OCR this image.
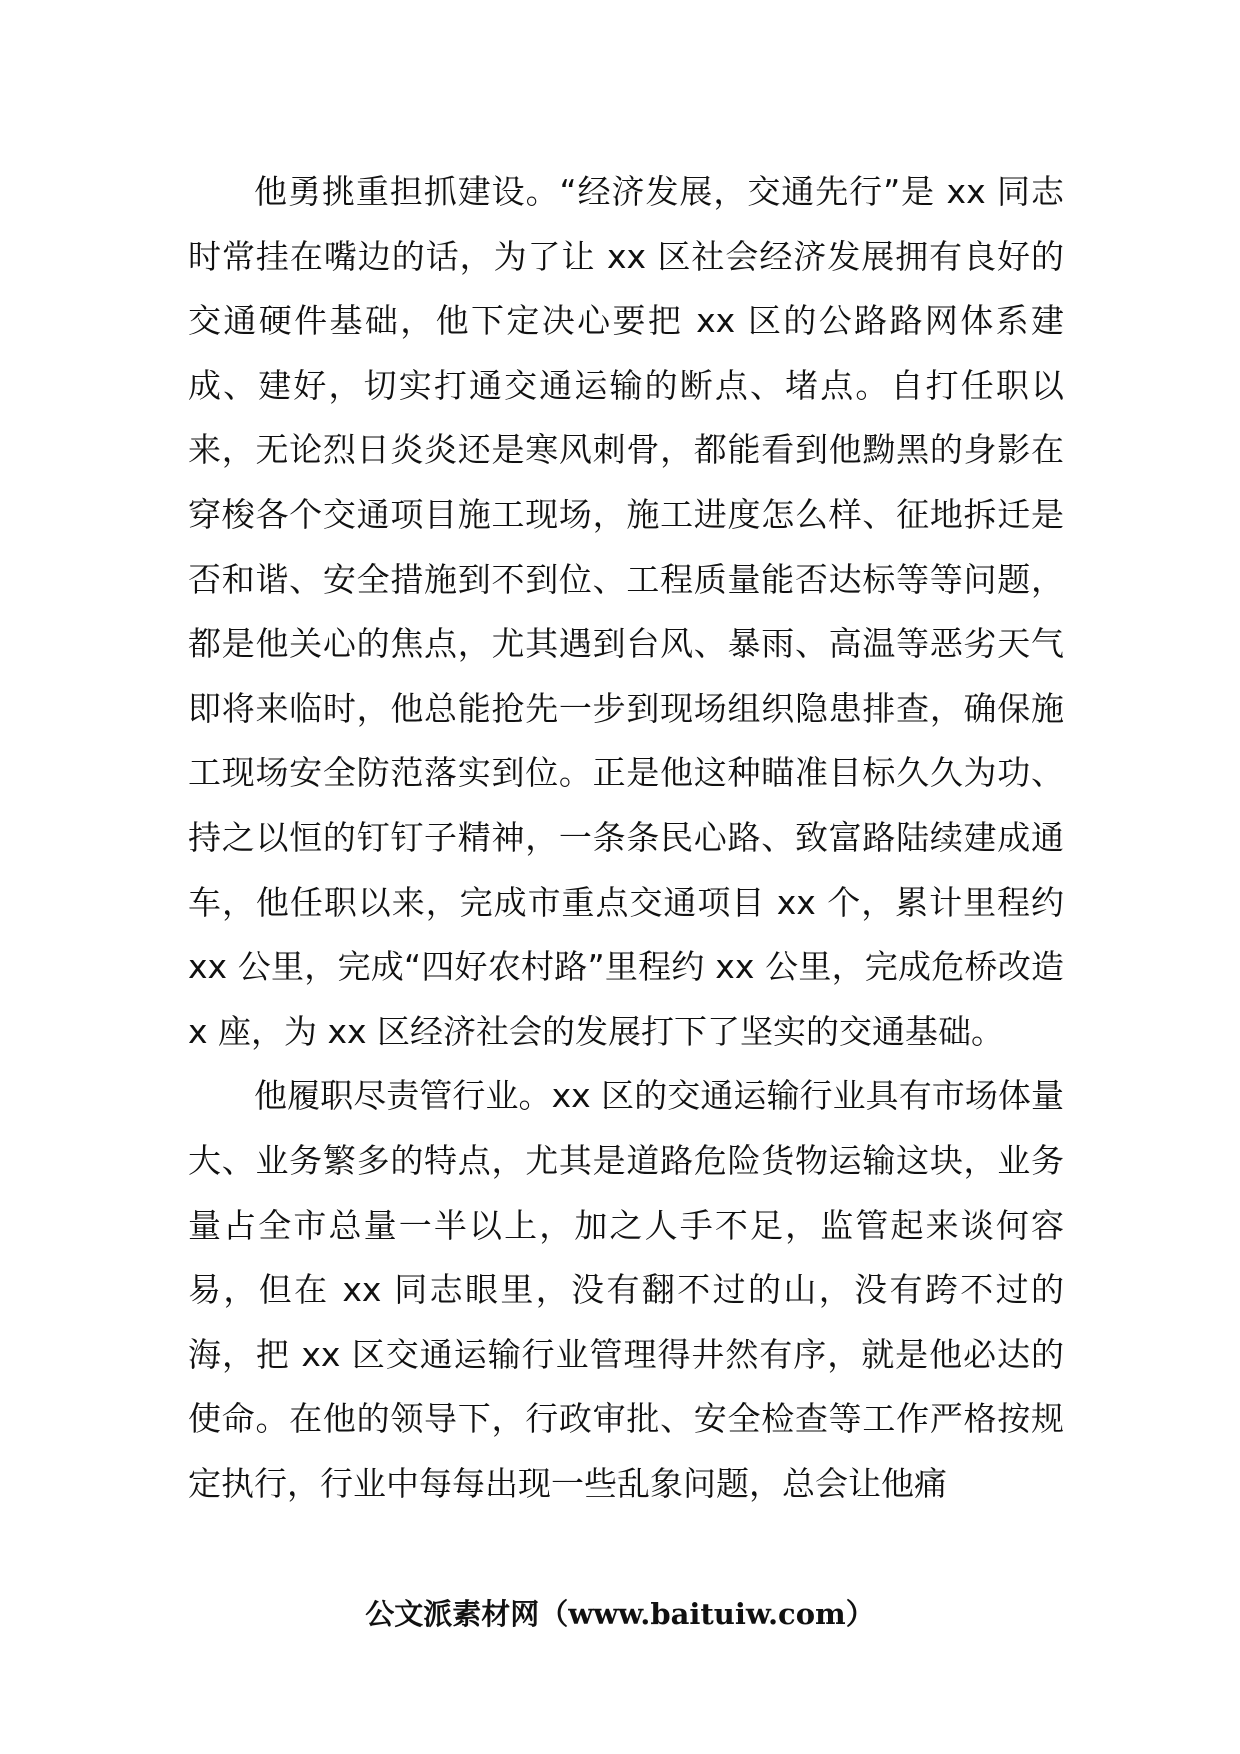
他勇挑重担抓建设。“经济发展，交通先行”是 xx 同志时常挂在嘴边的话，为了让 xx 区社会经济发展拥有良好的交通硬件基础，他下定决心要把 xx 区的公路路网体系建成、建好，切实打通交通运输的断点、堵点。自打任职以来，无论烈日炎炎还是寒风刺骨，都能看到他黝黑的身影在穿梭各个交通项目施工现场，施工进度怎么样、征地拆迁是否和谐、安全措施到不到位、工程质量能否达标等等问题，都是他关心的焦点，尤其遇到台风、暴雨、高温等恶劣天气即将来临时，他总能抢先一步到现场组织隐患排查，确保施工现场安全防范落实到位。正是他这种瞄准目标久久为功、持之以恒的钉钉子精神，一条条民心路、致富路陆续建成通车，他任职以来，完成市重点交通项目 xx 个，累计里程约 xx 公里，完成“四好农村路”里程约 xx 公里，完成危桥改造 x 座，为 xx 区经济社会的发展打下了坚实的交通基础。

他履职尽责管行业。xx 区的交通运输行业具有市场体量大、业务繁多的特点，尤其是道路危险货物运输这块，业务量占全市总量一半以上，加之人手不足，监管起来谈何容易，但在 xx 同志眼里，没有翻不过的山，没有跨不过的海，把 xx 区交通运输行业管理得井然有序，就是他必达的使命。在他的领导下，行政审批、安全检查等工作严格按规定执行，行业中每每出现一些乱象问题，总会让他痛

公文派素材网（www.baituiw.com）
